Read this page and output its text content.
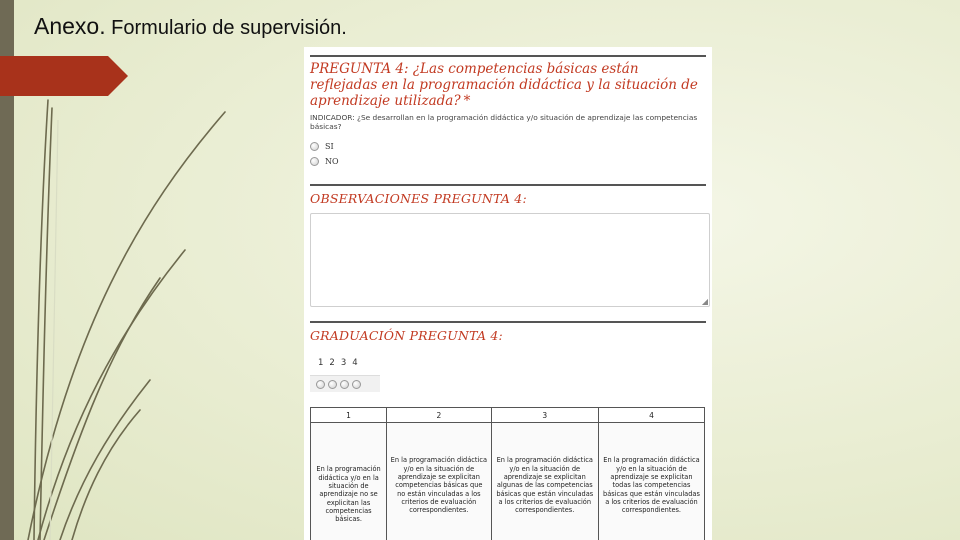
Anexo. Formulario de supervisión.
PREGUNTA 4: ¿Las competencias básicas están reflejadas en la programación didáctica y la situación de aprendizaje utilizada? *
INDICADOR: ¿Se desarrollan en la programación didáctica y/o situación de aprendizaje las competencias básicas?
SI
NO
OBSERVACIONES PREGUNTA 4:
◢
GRADUACIÓN PREGUNTA 4:
1 2 3 4
1	2	3	4
En la programación didáctica y/o en la situación de aprendizaje no se explicitan las competencias básicas.	En la programación didáctica y/o en la situación de aprendizaje se explicitan competencias básicas que no están vinculadas a los criterios de evaluación correspondientes.	En la programación didáctica y/o en la situación de aprendizaje se explicitan algunas de las competencias básicas que están vinculadas a los criterios de evaluación correspondientes.	En la programación didáctica y/o en la situación de aprendizaje se explicitan todas las competencias básicas que están vinculadas a los criterios de evaluación correspondientes.
